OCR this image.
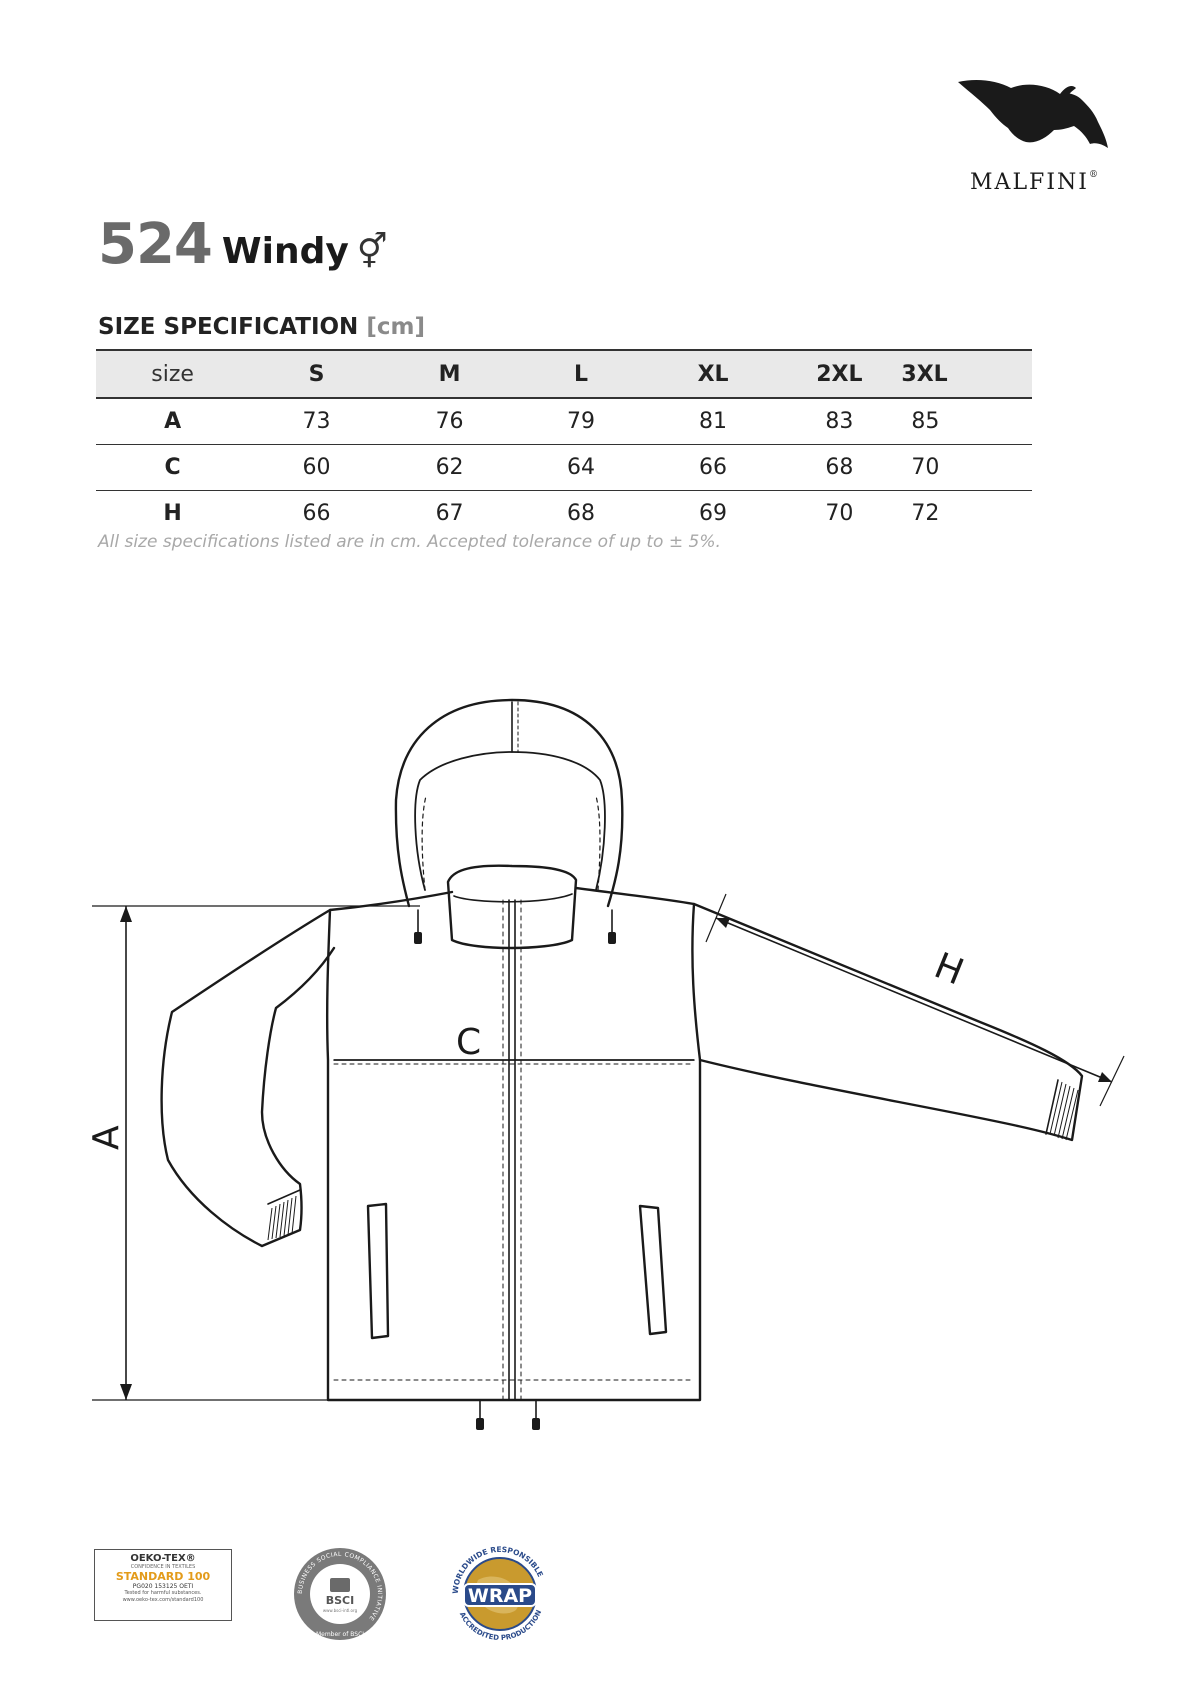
MALFINI®
524 Windy ⚥
SIZE SPECIFICATION [cm]
size	S	M	L	XL	2XL	3XL
A	73	76	79	81	83	85
C	60	62	64	66	68	70
H	66	67	68	69	70	72
All size specifications listed are in cm. Accepted tolerance of up to ± 5%.
A
C
H
OEKO-TEX®
CONFIDENCE IN TEXTILES
STANDARD 100
PG020 153125 OETI
Tested for harmful substances.
www.oeko-tex.com/standard100
BUSINESS SOCIAL COMPLIANCE INITIATIVE
BSCI
www.bsci-intl.org
Member of BSCI
WORLDWIDE RESPONSIBLE
WRAP
ACCREDITED PRODUCTION
